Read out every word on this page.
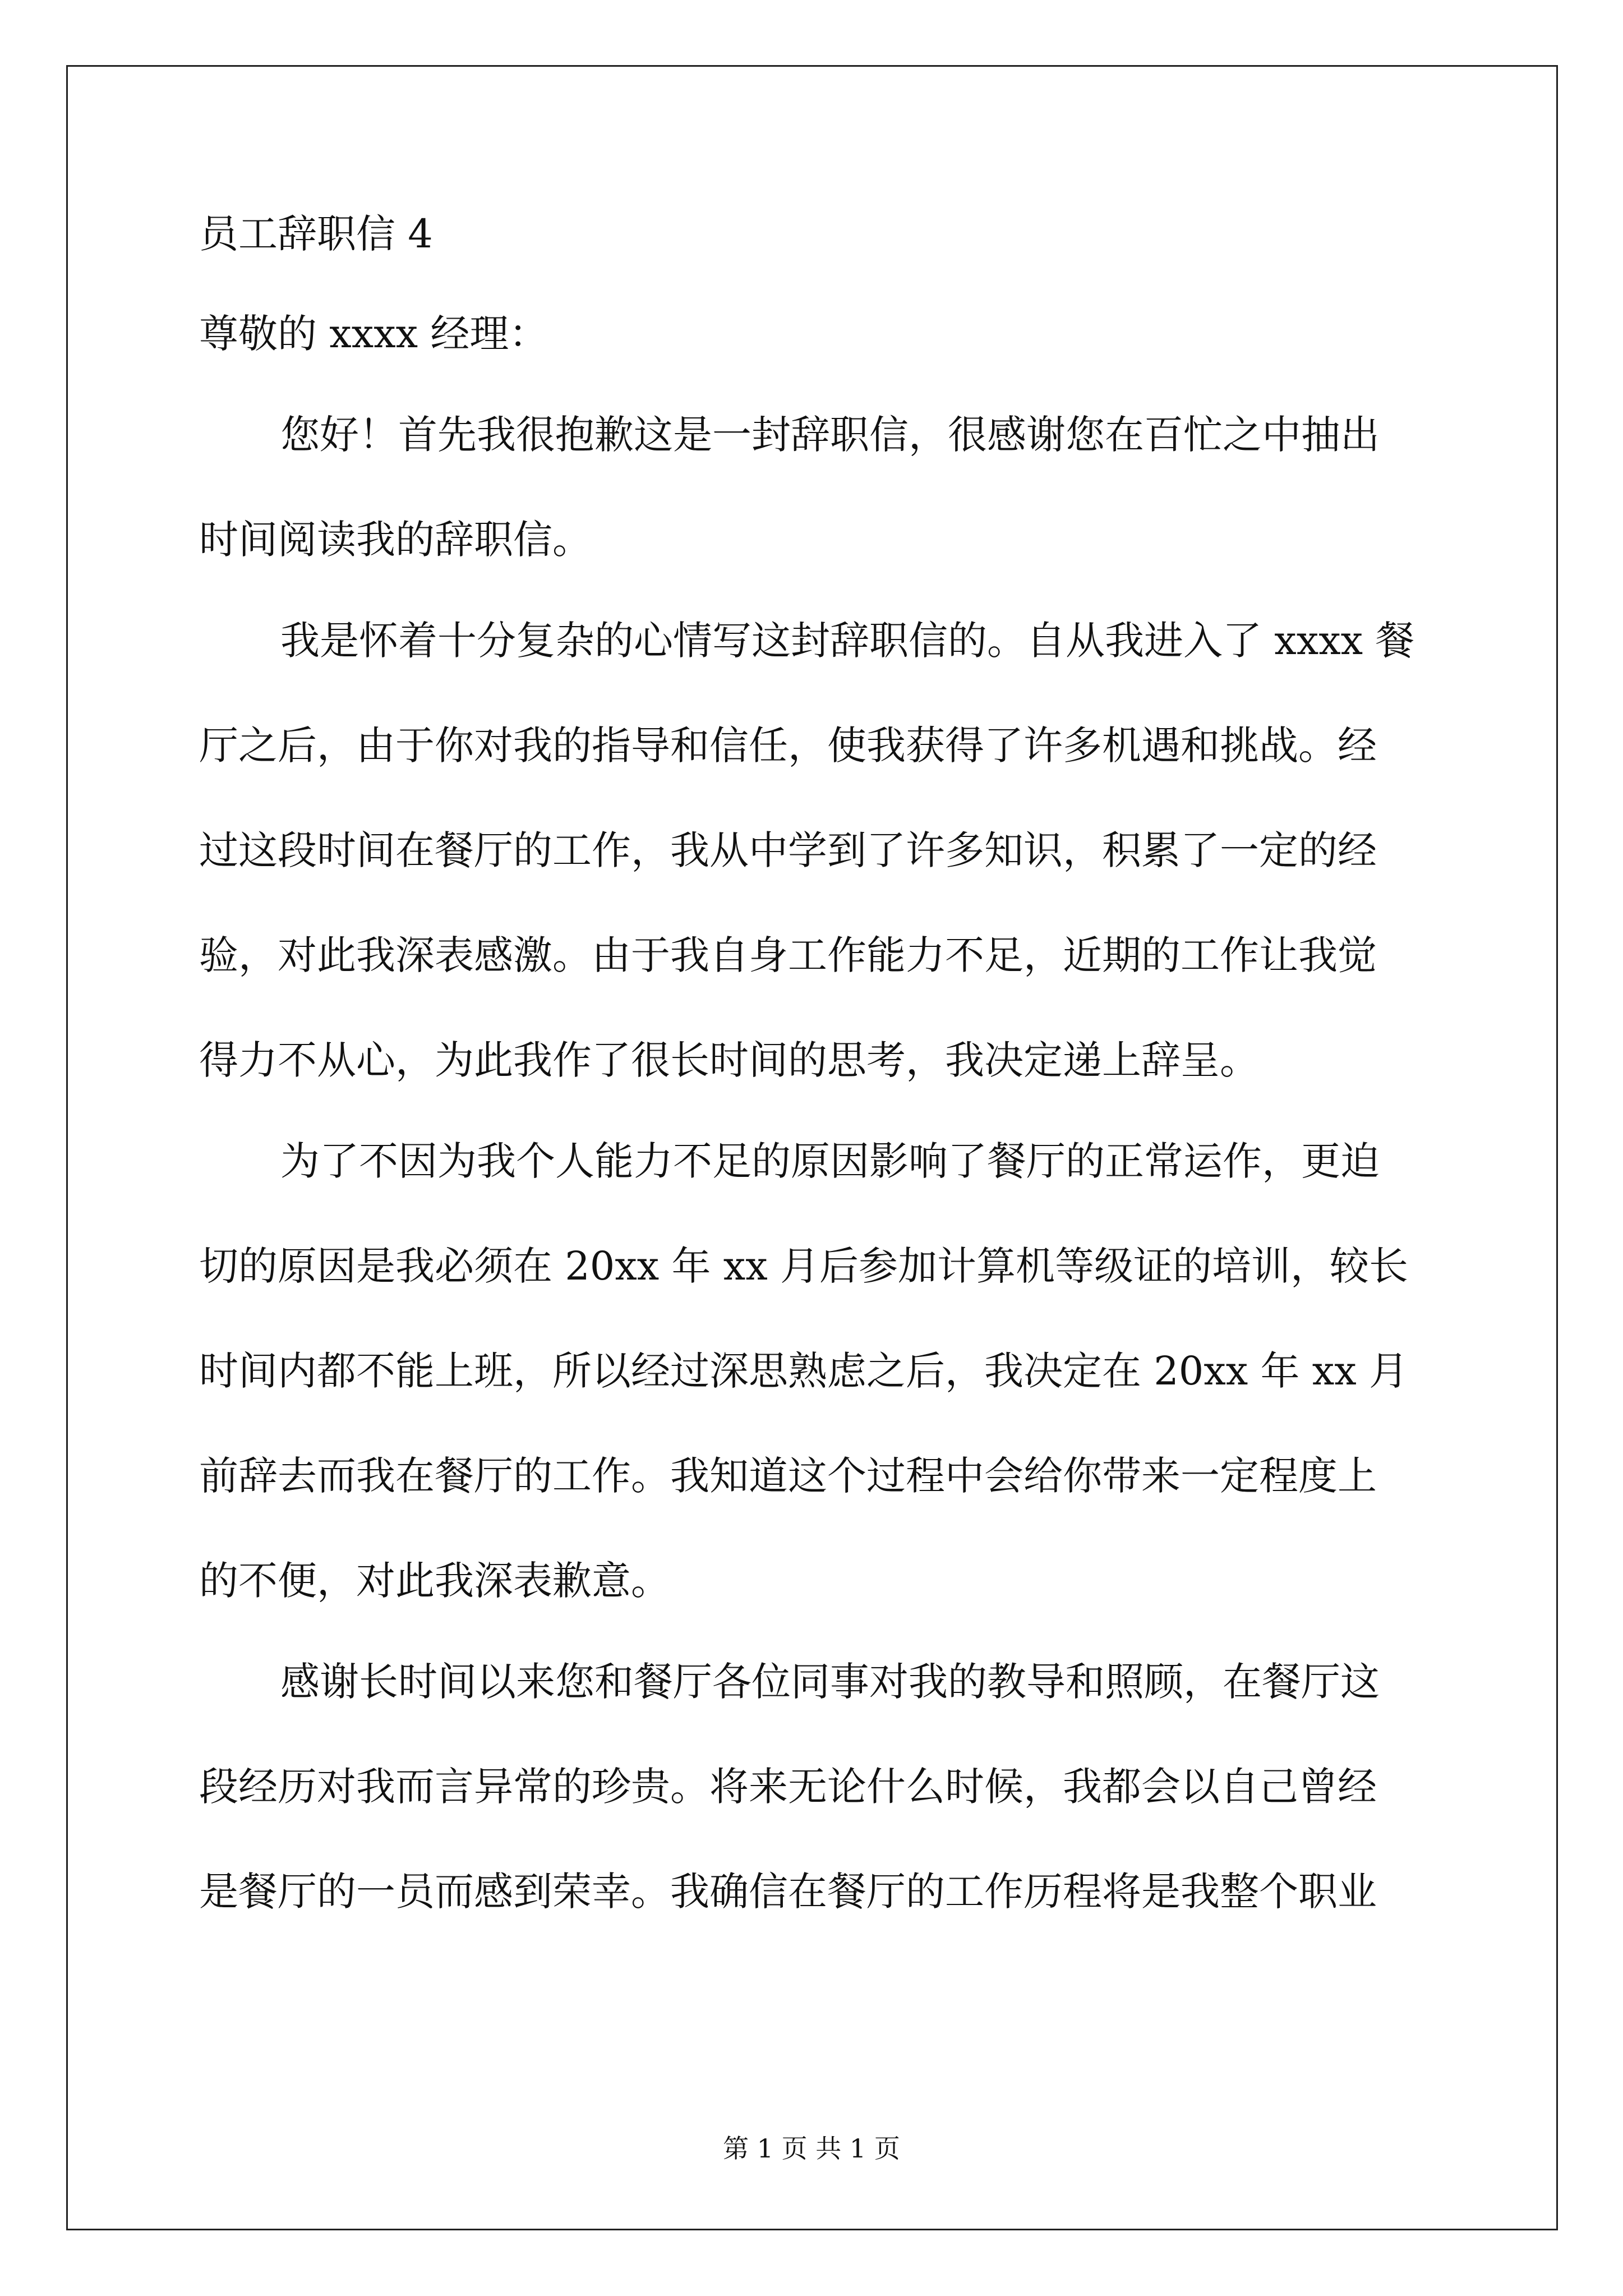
员工辞职信 4

尊敬的 xxxx 经理：

您好！首先我很抱歉这是一封辞职信，很感谢您在百忙之中抽出

时间阅读我的辞职信。

我是怀着十分复杂的心情写这封辞职信的。自从我进入了 xxxx 餐

厅之后，由于你对我的指导和信任，使我获得了许多机遇和挑战。经

过这段时间在餐厅的工作，我从中学到了许多知识，积累了一定的经

验，对此我深表感激。由于我自身工作能力不足，近期的工作让我觉

得力不从心，为此我作了很长时间的思考，我决定递上辞呈。

为了不因为我个人能力不足的原因影响了餐厅的正常运作，更迫

切的原因是我必须在 20xx 年 xx 月后参加计算机等级证的培训，较长

时间内都不能上班，所以经过深思熟虑之后，我决定在 20xx 年 xx 月

前辞去而我在餐厅的工作。我知道这个过程中会给你带来一定程度上

的不便，对此我深表歉意。

感谢长时间以来您和餐厅各位同事对我的教导和照顾，在餐厅这

段经历对我而言异常的珍贵。将来无论什么时候，我都会以自己曾经

是餐厅的一员而感到荣幸。我确信在餐厅的工作历程将是我整个职业

第 1 页 共 1 页
